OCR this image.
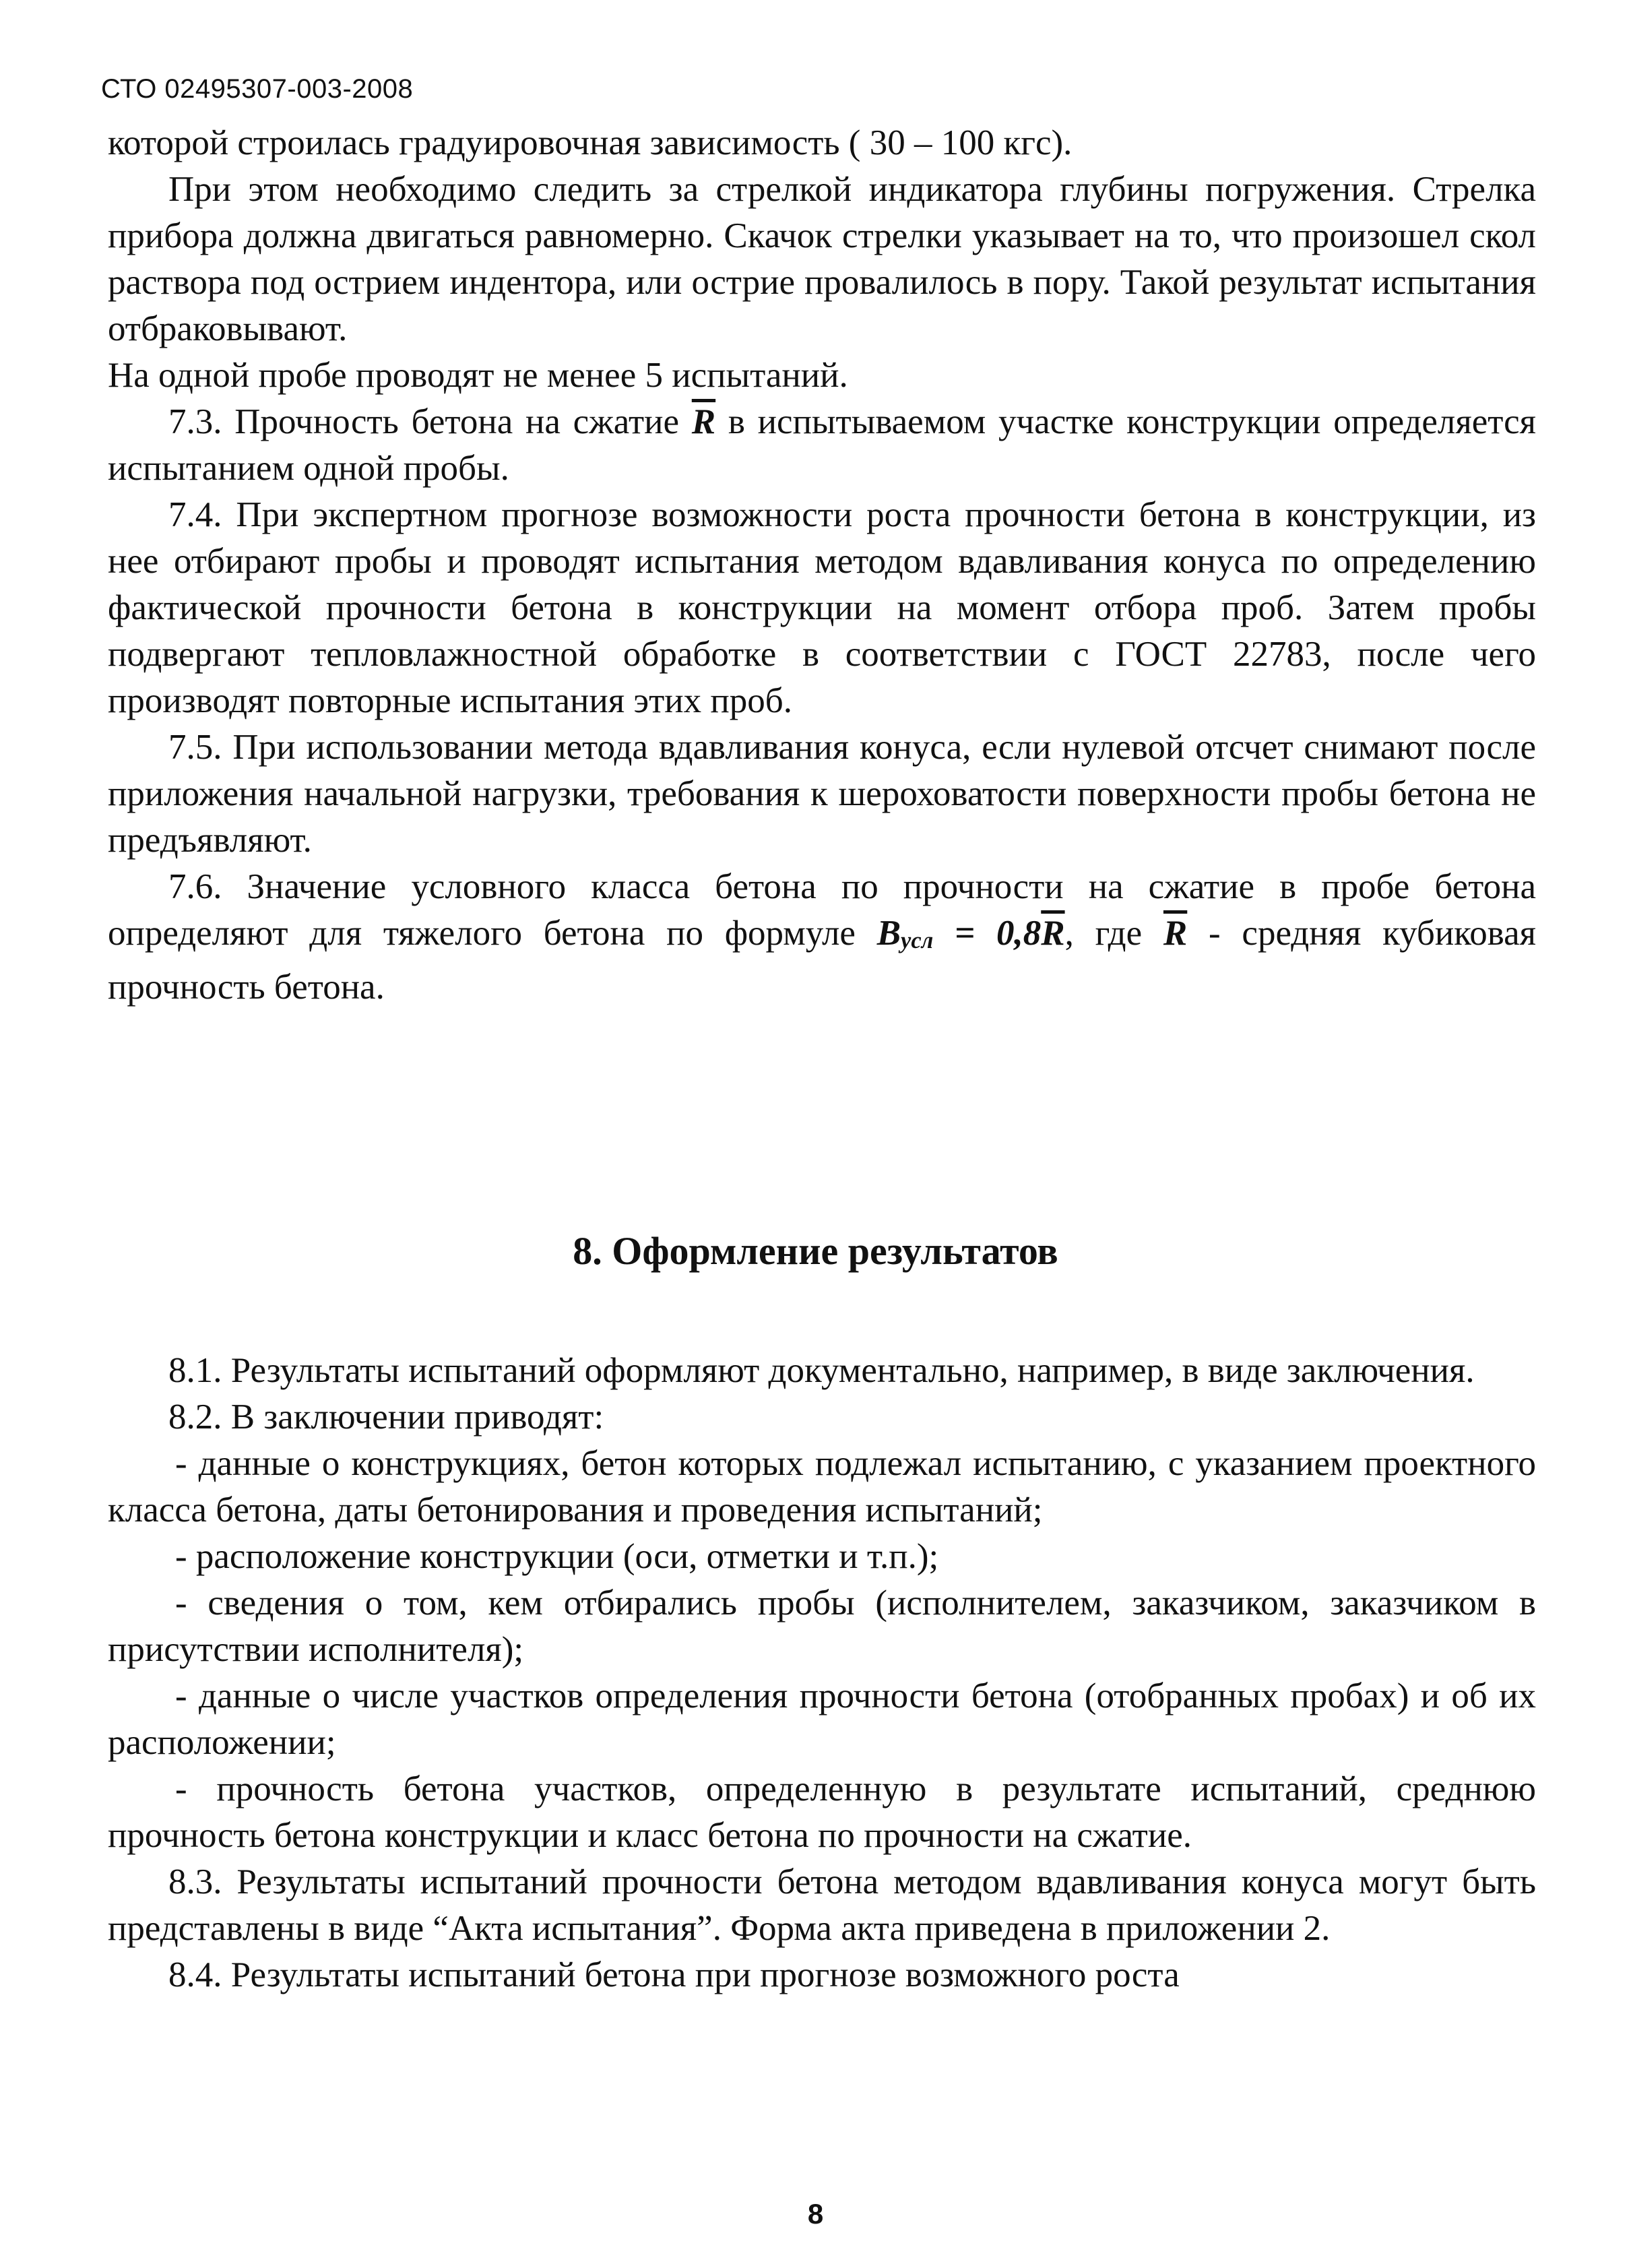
СТО 02495307-003-2008

которой строилась градуировочная зависимость ( 30 – 100 кгс).

При этом необходимо следить за стрелкой индикатора глубины погружения. Стрелка прибора должна двигаться равномерно. Скачок стрелки указывает на то, что произошел скол раствора под острием индентора, или острие провалилось в пору. Такой результат испытания отбраковывают.

На одной пробе проводят не менее 5 испытаний.

7.3. Прочность бетона на сжатие $\overline{R}$ в испытываемом участке конструкции определяется испытанием одной пробы.

7.4. При экспертном прогнозе возможности роста прочности бетона в конструкции, из нее отбирают пробы и проводят испытания методом вдавливания конуса по определению фактической прочности бетона в конструкции на момент отбора проб. Затем пробы подвергают тепловлажностной обработке в соответствии с ГОСТ 22783, после чего производят повторные испытания этих проб.

7.5. При использовании метода вдавливания конуса, если нулевой отсчет снимают после приложения начальной нагрузки, требования к шероховатости поверхности пробы бетона не предъявляют.

7.6. Значение условного класса бетона по прочности на сжатие в пробе бетона определяют для тяжелого бетона по формуле Bусл = $0,8\overline{R}$, где $\overline{R}$ - средняя кубиковая прочность бетона.

8. Оформление результатов

8.1. Результаты испытаний оформляют документально, например, в виде заключения.

8.2. В заключении приводят:

- данные о конструкциях, бетон которых подлежал испытанию, с указанием проектного класса бетона, даты бетонирования и проведения испытаний;

- расположение конструкции (оси, отметки и т.п.);

- сведения о том, кем отбирались пробы (исполнителем, заказчиком, заказчиком в присутствии исполнителя);

- данные о числе участков определения прочности бетона (отобранных пробах) и об их расположении;

- прочность бетона участков, определенную в результате испытаний, среднюю прочность бетона конструкции и класс бетона по прочности на сжатие.

8.3. Результаты испытаний прочности бетона методом вдавливания конуса могут быть представлены в виде “Акта испытания”. Форма акта приведена в приложении 2.

8.4. Результаты испытаний бетона при прогнозе возможного роста

8
